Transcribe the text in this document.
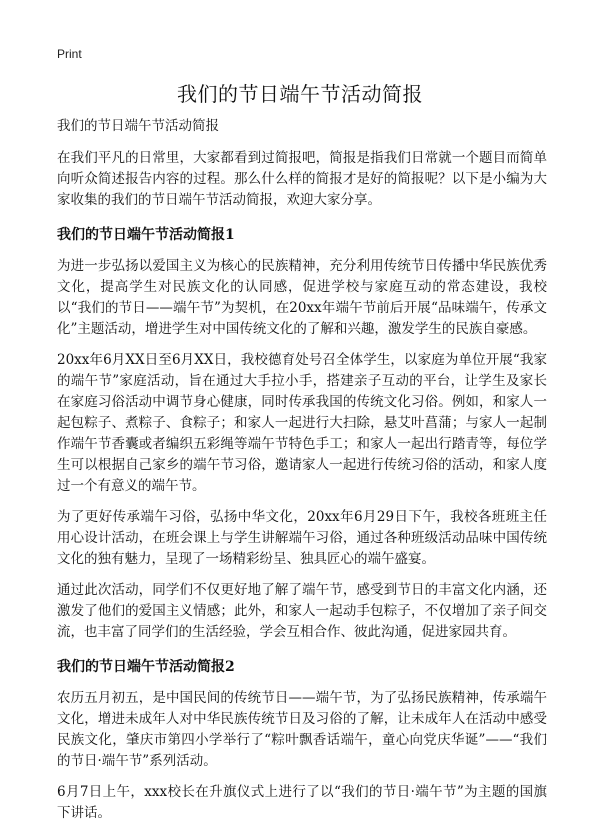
Print
我们的节日端午节活动简报
我们的节日端午节活动简报

在我们平凡的日常里，大家都看到过简报吧，简报是指我们日常就一个题目而简单向听众简述报告内容的过程。那么什么样的简报才是好的简报呢？以下是小编为大家收集的我们的节日端午节活动简报，欢迎大家分享。

我们的节日端午节活动简报1

为进一步弘扬以爱国主义为核心的民族精神，充分利用传统节日传播中华民族优秀文化，提高学生对民族文化的认同感，促进学校与家庭互动的常态建设，我校以“我们的节日——端午节”为契机，在20xx年端午节前后开展“品味端午，传承文化”主题活动，增进学生对中国传统文化的了解和兴趣，激发学生的民族自豪感。

20xx年6月XX日至6月XX日，我校德育处号召全体学生，以家庭为单位开展“我家的端午节”家庭活动，旨在通过大手拉小手，搭建亲子互动的平台，让学生及家长在家庭习俗活动中调节身心健康，同时传承我国的传统文化习俗。例如，和家人一起包粽子、煮粽子、食粽子；和家人一起进行大扫除，悬艾叶菖蒲；与家人一起制作端午节香囊或者编织五彩绳等端午节特色手工；和家人一起出行踏青等，每位学生可以根据自己家乡的端午节习俗，邀请家人一起进行传统习俗的活动，和家人度过一个有意义的端午节。

为了更好传承端午习俗，弘扬中华文化，20xx年6月29日下午，我校各班班主任用心设计活动，在班会课上与学生讲解端午习俗，通过各种班级活动品味中国传统文化的独有魅力，呈现了一场精彩纷呈、独具匠心的端午盛宴。

通过此次活动，同学们不仅更好地了解了端午节，感受到节日的丰富文化内涵，还激发了他们的爱国主义情感；此外，和家人一起动手包粽子，不仅增加了亲子间交流，也丰富了同学们的生活经验，学会互相合作、彼此沟通，促进家园共育。

我们的节日端午节活动简报2

农历五月初五，是中国民间的传统节日——端午节，为了弘扬民族精神，传承端午文化，增进未成年人对中华民族传统节日及习俗的了解，让未成年人在活动中感受民族文化，肇庆市第四小学举行了“粽叶飘香话端午，童心向党庆华诞”——“我们的节日·端午节”系列活动。

6月7日上午，xxx校长在升旗仪式上进行了以“我们的节日·端午节”为主题的国旗下讲话。
